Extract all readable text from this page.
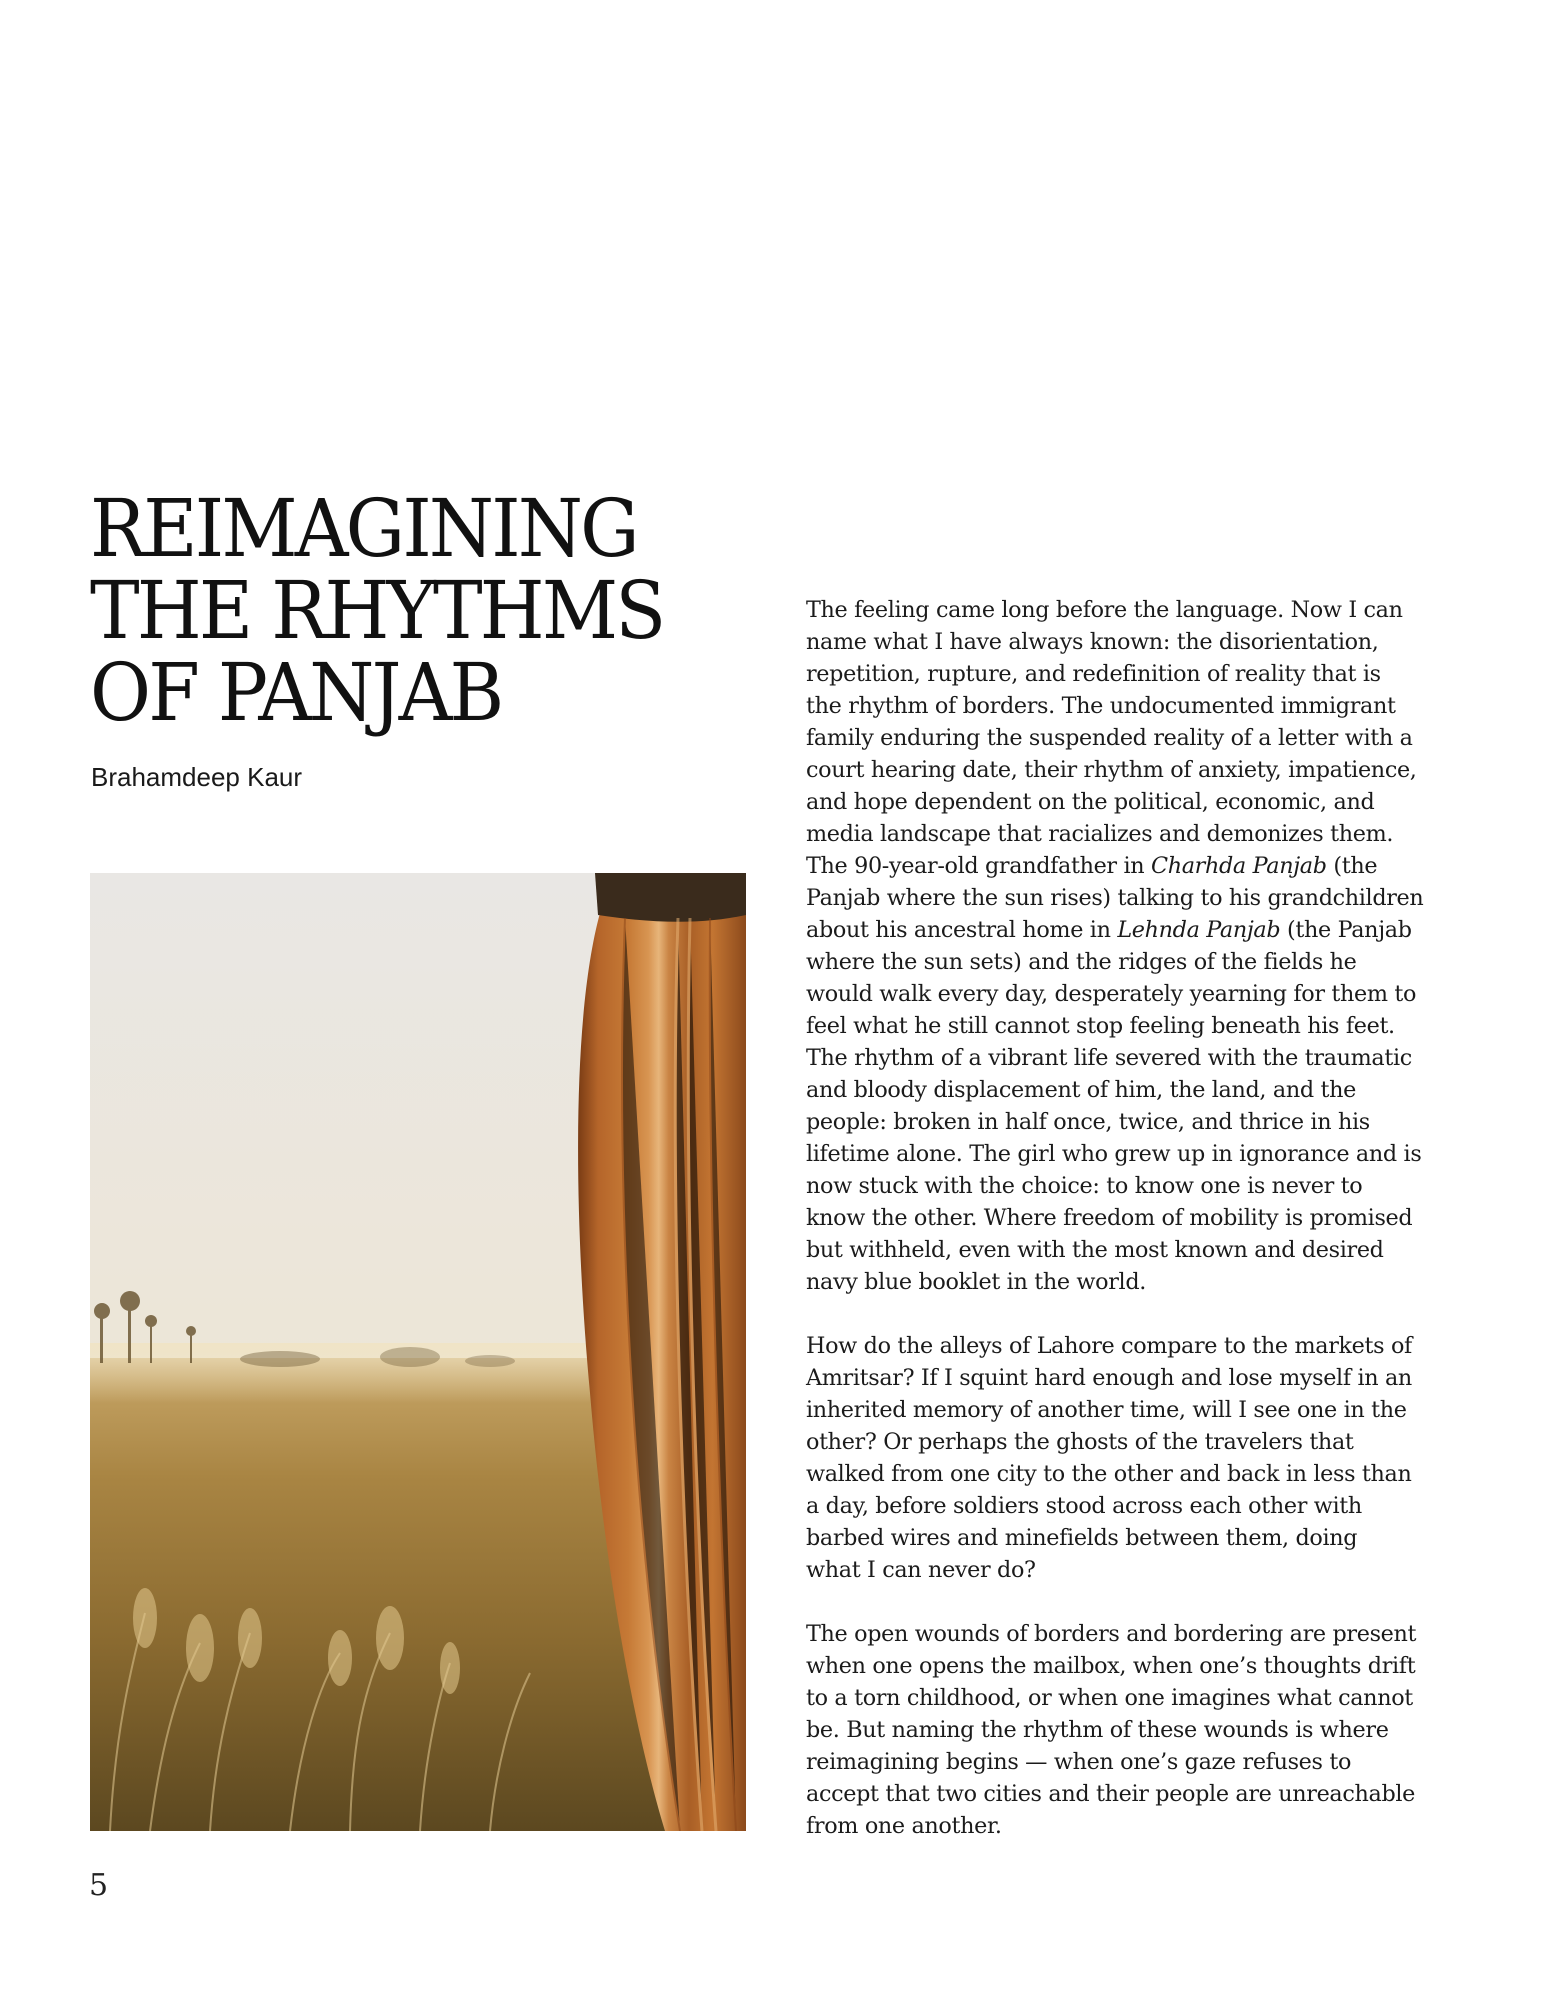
REIMAGINING
THE RHYTHMS
OF PANJAB
Brahamdeep Kaur

The feeling came long before the language. Now I can
name what I have always known: the disorientation,
repetition, rupture, and redefinition of reality that is
the rhythm of borders. The undocumented immigrant
family enduring the suspended reality of a letter with a
court hearing date, their rhythm of anxiety, impatience,
and hope dependent on the political, economic, and
media landscape that racializes and demonizes them.
The 90-year-old grandfather in Charhda Panjab (the
Panjab where the sun rises) talking to his grandchildren
about his ancestral home in Lehnda Panjab (the Panjab
where the sun sets) and the ridges of the fields he
would walk every day, desperately yearning for them to
feel what he still cannot stop feeling beneath his feet.
The rhythm of a vibrant life severed with the traumatic
and bloody displacement of him, the land, and the
people: broken in half once, twice, and thrice in his
lifetime alone. The girl who grew up in ignorance and is
now stuck with the choice: to know one is never to
know the other. Where freedom of mobility is promised
but withheld, even with the most known and desired
navy blue booklet in the world.

How do the alleys of Lahore compare to the markets of
Amritsar? If I squint hard enough and lose myself in an
inherited memory of another time, will I see one in the
other? Or perhaps the ghosts of the travelers that
walked from one city to the other and back in less than
a day, before soldiers stood across each other with
barbed wires and minefields between them, doing
what I can never do?

The open wounds of borders and bordering are present
when one opens the mailbox, when one’s thoughts drift
to a torn childhood, or when one imagines what cannot
be. But naming the rhythm of these wounds is where
reimagining begins — when one’s gaze refuses to
accept that two cities and their people are unreachable
from one another.

5
